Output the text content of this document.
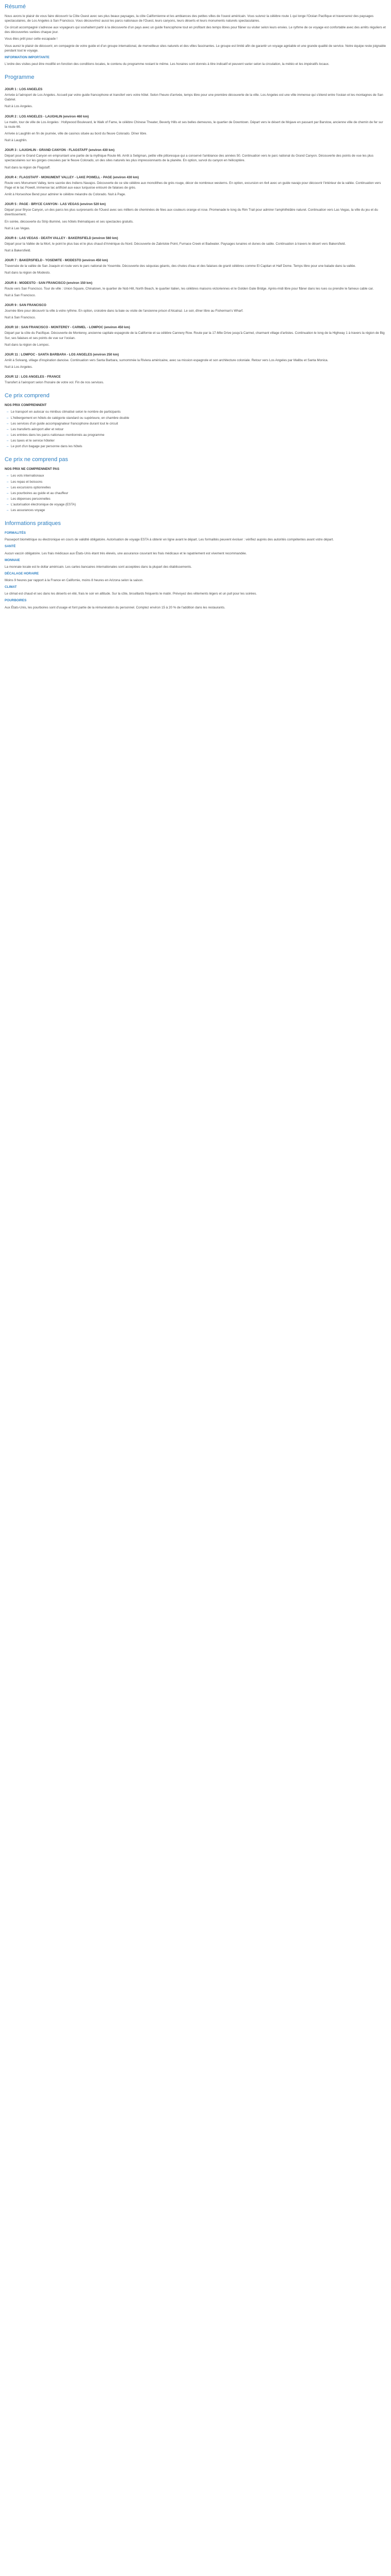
Résumé

Nous avons le plaisir de vous faire découvrir la Côte Ouest avec ses plus beaux paysages, la côte Californienne et les ambiances des petites villes de l'ouest américain. Vous suivrez la célèbre route 1 qui longe l'Océan Pacifique et traverserez des paysages spectaculaires, de Los Angeles à San Francisco. Vous découvrirez aussi les parcs nationaux de l'Ouest, leurs canyons, leurs déserts et leurs monuments naturels spectaculaires.

Ce circuit accompagné s'adresse aux voyageurs qui souhaitent partir à la découverte d'un pays avec un guide francophone tout en profitant des temps libres pour flâner ou visiter selon leurs envies. Le rythme de ce voyage est confortable avec des arrêts réguliers et des découvertes variées chaque jour.

Vous êtes prêt pour cette escapade !

Vous aurez le plaisir de découvrir, en compagnie de votre guide et d'un groupe international, de merveilleux sites naturels et des villes fascinantes. Le groupe est limité afin de garantir un voyage agréable et une grande qualité de service. Notre équipe reste joignable pendant tout le voyage.

INFORMATION IMPORTANTE

L'ordre des visites peut être modifié en fonction des conditions locales, le contenu du programme restant le même. Les horaires sont donnés à titre indicatif et peuvent varier selon la circulation, la météo et les impératifs locaux.

Programme

JOUR 1 : LOS ANGELES

Arrivée à l'aéroport de Los Angeles. Accueil par votre guide francophone et transfert vers votre hôtel. Selon l'heure d'arrivée, temps libre pour une première découverte de la ville. Los Angeles est une ville immense qui s'étend entre l'océan et les montagnes de San Gabriel.

Nuit à Los Angeles.

JOUR 2 : LOS ANGELES - LAUGHLIN (environ 460 km)

Le matin, tour de ville de Los Angeles : Hollywood Boulevard, le Walk of Fame, le célèbre Chinese Theater, Beverly Hills et ses belles demeures, le quartier de Downtown. Départ vers le désert de Mojave en passant par Barstow, ancienne ville de chemin de fer sur la route 66.

Arrivée à Laughlin en fin de journée, ville de casinos située au bord du fleuve Colorado. Dîner libre.

Nuit à Laughlin.

JOUR 3 : LAUGHLIN - GRAND CANYON - FLAGSTAFF (environ 430 km)

Départ pour le Grand Canyon en empruntant une partie de la mythique Route 66. Arrêt à Seligman, petite ville pittoresque qui a conservé l'ambiance des années 50. Continuation vers le parc national du Grand Canyon. Découverte des points de vue les plus spectaculaires sur les gorges creusées par le fleuve Colorado, un des sites naturels les plus impressionnants de la planète. En option, survol du canyon en hélicoptère.

Nuit dans la région de Flagstaff.

JOUR 4 : FLAGSTAFF - MONUMENT VALLEY - LAKE POWELL - PAGE (environ 430 km)

Route vers Monument Valley, terre sacrée des Indiens Navajos. Découverte de ce site célèbre aux monolithes de grès rouge, décor de nombreux westerns. En option, excursion en 4x4 avec un guide navajo pour découvrir l'intérieur de la vallée. Continuation vers Page et le lac Powell, immense lac artificiel aux eaux turquoise entouré de falaises de grès.

Arrêt à Horseshoe Bend pour admirer le célèbre méandre du Colorado. Nuit à Page.

JOUR 5 : PAGE - BRYCE CANYON - LAS VEGAS (environ 520 km)

Départ pour Bryce Canyon, un des parcs les plus surprenants de l'Ouest avec ses milliers de cheminées de fées aux couleurs orange et rose. Promenade le long du Rim Trail pour admirer l'amphithéâtre naturel. Continuation vers Las Vegas, la ville du jeu et du divertissement.

En soirée, découverte du Strip illuminé, ses hôtels thématiques et ses spectacles gratuits.

Nuit à Las Vegas.

JOUR 6 : LAS VEGAS - DEATH VALLEY - BAKERSFIELD (environ 560 km)

Départ pour la Vallée de la Mort, le point le plus bas et le plus chaud d'Amérique du Nord. Découverte de Zabriskie Point, Furnace Creek et Badwater. Paysages lunaires et dunes de sable. Continuation à travers le désert vers Bakersfield.

Nuit à Bakersfield.

JOUR 7 : BAKERSFIELD - YOSEMITE - MODESTO (environ 450 km)

Traversée de la vallée de San Joaquin et route vers le parc national de Yosemite. Découverte des séquoias géants, des chutes d'eau et des falaises de granit célèbres comme El Capitan et Half Dome. Temps libre pour une balade dans la vallée.

Nuit dans la région de Modesto.

JOUR 8 : MODESTO - SAN FRANCISCO (environ 150 km)

Route vers San Francisco. Tour de ville : Union Square, Chinatown, le quartier de Nob Hill, North Beach, le quartier italien, les célèbres maisons victoriennes et le Golden Gate Bridge. Après-midi libre pour flâner dans les rues ou prendre le fameux cable car.

Nuit à San Francisco.

JOUR 9 : SAN FRANCISCO

Journée libre pour découvrir la ville à votre rythme. En option, croisière dans la baie ou visite de l'ancienne prison d'Alcatraz. Le soir, dîner libre au Fisherman's Wharf.

Nuit à San Francisco.

JOUR 10 : SAN FRANCISCO - MONTEREY - CARMEL - LOMPOC (environ 450 km)

Départ par la côte du Pacifique. Découverte de Monterey, ancienne capitale espagnole de la Californie et sa célèbre Cannery Row. Route par la 17-Mile Drive jusqu'à Carmel, charmant village d'artistes. Continuation le long de la Highway 1 à travers la région de Big Sur, ses falaises et ses points de vue sur l'océan.

Nuit dans la région de Lompoc.

JOUR 11 : LOMPOC - SANTA BARBARA - LOS ANGELES (environ 250 km)

Arrêt à Solvang, village d'inspiration danoise. Continuation vers Santa Barbara, surnommée la Riviera américaine, avec sa mission espagnole et son architecture coloniale. Retour vers Los Angeles par Malibu et Santa Monica.

Nuit à Los Angeles.

JOUR 12 : LOS ANGELES - FRANCE

Transfert à l'aéroport selon l'horaire de votre vol. Fin de nos services.

Ce prix comprend

NOS PRIX COMPRENNENT

– Le transport en autocar ou minibus climatisé selon le nombre de participants
– L'hébergement en hôtels de catégorie standard ou supérieure, en chambre double
– Les services d'un guide accompagnateur francophone durant tout le circuit
– Les transferts aéroport aller et retour
– Les entrées dans les parcs nationaux mentionnés au programme
– Les taxes et le service hôtelier
– Le port d'un bagage par personne dans les hôtels
Ce prix ne comprend pas

NOS PRIX NE COMPRENNENT PAS

– Les vols internationaux
– Les repas et boissons
– Les excursions optionnelles
– Les pourboires au guide et au chauffeur
– Les dépenses personnelles
– L'autorisation électronique de voyage (ESTA)
– Les assurances voyage
Informations pratiques

FORMALITÉS

Passeport biométrique ou électronique en cours de validité obligatoire. Autorisation de voyage ESTA à obtenir en ligne avant le départ. Les formalités peuvent évoluer : vérifiez auprès des autorités compétentes avant votre départ.

SANTÉ

Aucun vaccin obligatoire. Les frais médicaux aux États-Unis étant très élevés, une assurance couvrant les frais médicaux et le rapatriement est vivement recommandée.

MONNAIE

La monnaie locale est le dollar américain. Les cartes bancaires internationales sont acceptées dans la plupart des établissements.

DÉCALAGE HORAIRE

Moins 9 heures par rapport à la France en Californie, moins 8 heures en Arizona selon la saison.

CLIMAT

Le climat est chaud et sec dans les déserts en été, frais le soir en altitude. Sur la côte, brouillards fréquents le matin. Prévoyez des vêtements légers et un pull pour les soirées.

POURBOIRES

Aux États-Unis, les pourboires sont d'usage et font partie de la rémunération du personnel. Comptez environ 15 à 20 % de l'addition dans les restaurants.
